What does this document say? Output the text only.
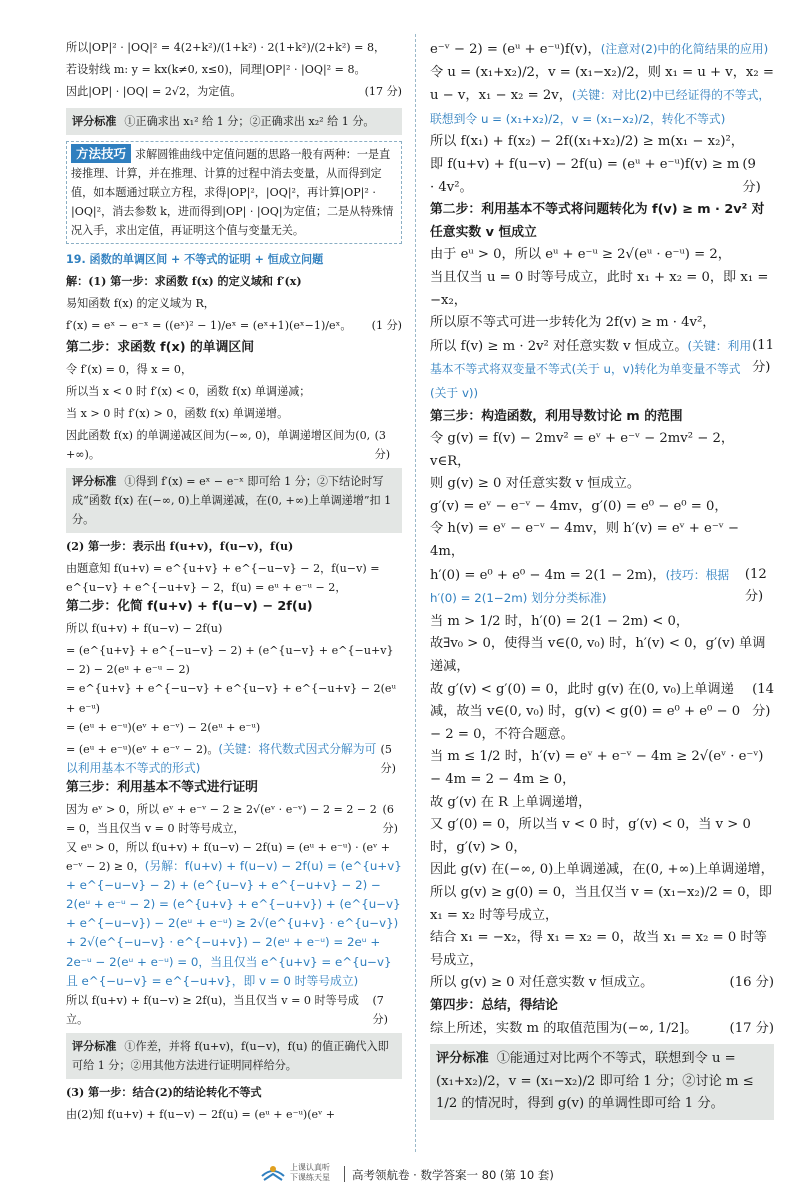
所以|OP|² · |OQ|² = 4(2+k²)/(1+k²) · 2(1+k²)/(2+k²) = 8，
若设射线 m: y = kx(k≠0, x≤0)，同理|OP|² · |OQ|² = 8。
因此|OP| · |OQ| = 2√2，为定值。	(17 分)
评分标准 ①正确求出 x₁² 给 1 分；②正确求出 x₂² 给 1 分。
方法技巧 求解圆锥曲线中定值问题的思路一般有两种：一是直接推理、计算，并在推理、计算的过程中消去变量，从而得到定值，如本题通过联立方程，求得|OP|²，|OQ|²，再计算|OP|² · |OQ|²，消去参数 k，进而得到|OP| · |OQ|为定值；二是从特殊情况入手，求出定值，再证明这个值与变量无关。
19. 函数的单调区间 + 不等式的证明 + 恒成立问题
解：(1) 第一步：求函数 f(x) 的定义域和 f′(x)
易知函数 f(x) 的定义域为 R，
f′(x) = eˣ − e⁻ˣ = ((eˣ)² − 1)/eˣ = (eˣ+1)(eˣ−1)/eˣ。 (1 分)
第二步：求函数 f(x) 的单调区间
令 f′(x) = 0，得 x = 0，
所以当 x < 0 时 f′(x) < 0，函数 f(x) 单调递减；
当 x > 0 时 f′(x) > 0，函数 f(x) 单调递增。
因此函数 f(x) 的单调递减区间为(−∞, 0)，单调递增区间为(0, +∞)。
(3 分)
评分标准 ①得到 f′(x) = eˣ − e⁻ˣ 即可给 1 分；②下结论时写成“函数 f(x) 在(−∞, 0)上单调递减，在(0, +∞)上单调递增”扣 1 分。
(2) 第一步：表示出 f(u+v)，f(u−v)，f(u)
由题意知 f(u+v) = e^{u+v} + e^{−u−v} − 2，f(u−v) = e^{u−v} + e^{−u+v} − 2，f(u) = eᵘ + e⁻ᵘ − 2，
第二步：化简 f(u+v) + f(u−v) − 2f(u)
所以 f(u+v) + f(u−v) − 2f(u)
= (e^{u+v} + e^{−u−v} − 2) + (e^{u−v} + e^{−u+v} − 2) − 2(eᵘ + e⁻ᵘ − 2)
= e^{u+v} + e^{−u−v} + e^{u−v} + e^{−u+v} − 2(eᵘ + e⁻ᵘ)
= (eᵘ + e⁻ᵘ)(eᵛ + e⁻ᵛ) − 2(eᵘ + e⁻ᵘ)
= (eᵘ + e⁻ᵘ)(eᵛ + e⁻ᵛ − 2)。(关键：将代数式因式分解为可以利用基本不等式的形式)
(5 分)
第三步：利用基本不等式进行证明
因为 eᵛ > 0，所以 eᵛ + e⁻ᵛ − 2 ≥ 2√(eᵛ · e⁻ᵛ) − 2 = 2 − 2 = 0，当且仅当 v = 0 时等号成立，
(6 分)
又 eᵘ > 0，所以 f(u+v) + f(u−v) − 2f(u) = (eᵘ + e⁻ᵘ) · (eᵛ + e⁻ᵛ − 2) ≥ 0，(另解：f(u+v) + f(u−v) − 2f(u) = (e^{u+v} + e^{−u−v} − 2) + (e^{u−v} + e^{−u+v} − 2) − 2(eᵘ + e⁻ᵘ − 2) = (e^{u+v} + e^{−u+v}) + (e^{u−v} + e^{−u−v}) − 2(eᵘ + e⁻ᵘ) ≥ 2√(e^{u+v} · e^{u−v}) + 2√(e^{−u−v} · e^{−u+v}) − 2(eᵘ + e⁻ᵘ) = 2eᵘ + 2e⁻ᵘ − 2(eᵘ + e⁻ᵘ) = 0，当且仅当 e^{u+v} = e^{u−v} 且 e^{−u−v} = e^{−u+v}，即 v = 0 时等号成立)
所以 f(u+v) + f(u−v) ≥ 2f(u)，当且仅当 v = 0 时等号成立。
(7 分)
评分标准 ①作差，并将 f(u+v)，f(u−v)，f(u) 的值正确代入即可给 1 分；②用其他方法进行证明同样给分。
(3) 第一步：结合(2)的结论转化不等式
由(2)知 f(u+v) + f(u−v) − 2f(u) = (eᵘ + e⁻ᵘ)(eᵛ +
e⁻ᵛ − 2) = (eᵘ + e⁻ᵘ)f(v)，(注意对(2)中的化简结果的应用)
令 u = (x₁+x₂)/2，v = (x₁−x₂)/2，则 x₁ = u + v，x₂ = u − v，x₁ − x₂ = 2v，(关键：对比(2)中已经证得的不等式，联想到令 u = (x₁+x₂)/2，v = (x₁−x₂)/2，转化不等式)
所以 f(x₁) + f(x₂) − 2f((x₁+x₂)/2) ≥ m(x₁ − x₂)²，
即 f(u+v) + f(u−v) − 2f(u) = (eᵘ + e⁻ᵘ)f(v) ≥ m · 4v²。
(9 分)
第二步：利用基本不等式将问题转化为 f(v) ≥ m · 2v² 对任意实数 v 恒成立
由于 eᵘ > 0，所以 eᵘ + e⁻ᵘ ≥ 2√(eᵘ · e⁻ᵘ) = 2，
当且仅当 u = 0 时等号成立，此时 x₁ + x₂ = 0，即 x₁ = −x₂，
所以原不等式可进一步转化为 2f(v) ≥ m · 4v²，
所以 f(v) ≥ m · 2v² 对任意实数 v 恒成立。(关键：利用基本不等式将双变量不等式(关于 u，v)转化为单变量不等式(关于 v))
(11 分)
第三步：构造函数，利用导数讨论 m 的范围
令 g(v) = f(v) − 2mv² = eᵛ + e⁻ᵛ − 2mv² − 2，v∈R，
则 g(v) ≥ 0 对任意实数 v 恒成立。
g′(v) = eᵛ − e⁻ᵛ − 4mv，g′(0) = e⁰ − e⁰ = 0，
令 h(v) = eᵛ − e⁻ᵛ − 4mv，则 h′(v) = eᵛ + e⁻ᵛ − 4m，
h′(0) = e⁰ + e⁰ − 4m = 2(1 − 2m)，(技巧：根据 h′(0) = 2(1−2m) 划分分类标准)
(12 分)
当 m > 1/2 时，h′(0) = 2(1 − 2m) < 0，
故∃v₀ > 0，使得当 v∈(0, v₀) 时，h′(v) < 0，g′(v) 单调递减，
故 g′(v) < g′(0) = 0，此时 g(v) 在(0, v₀)上单调递减，故当 v∈(0, v₀) 时，g(v) < g(0) = e⁰ + e⁰ − 0 − 2 = 0，不符合题意。
(14 分)
当 m ≤ 1/2 时，h′(v) = eᵛ + e⁻ᵛ − 4m ≥ 2√(eᵛ · e⁻ᵛ) − 4m = 2 − 4m ≥ 0，
故 g′(v) 在 R 上单调递增，
又 g′(0) = 0，所以当 v < 0 时，g′(v) < 0，当 v > 0 时，g′(v) > 0，
因此 g(v) 在(−∞, 0)上单调递减，在(0, +∞)上单调递增，
所以 g(v) ≥ g(0) = 0，当且仅当 v = (x₁−x₂)/2 = 0，即 x₁ = x₂ 时等号成立，
结合 x₁ = −x₂，得 x₁ = x₂ = 0，故当 x₁ = x₂ = 0 时等号成立，
所以 g(v) ≥ 0 对任意实数 v 恒成立。	(16 分)
第四步：总结，得结论
综上所述，实数 m 的取值范围为(−∞, 1/2]。 (17 分)
评分标准 ①能通过对比两个不等式，联想到令 u = (x₁+x₂)/2，v = (x₁−x₂)/2 即可给 1 分；②讨论 m ≤ 1/2 的情况时，得到 g(v) 的单调性即可给 1 分。
上课认真听
下课练天星 高考领航卷 · 数学答案一 80 (第 10 套)
